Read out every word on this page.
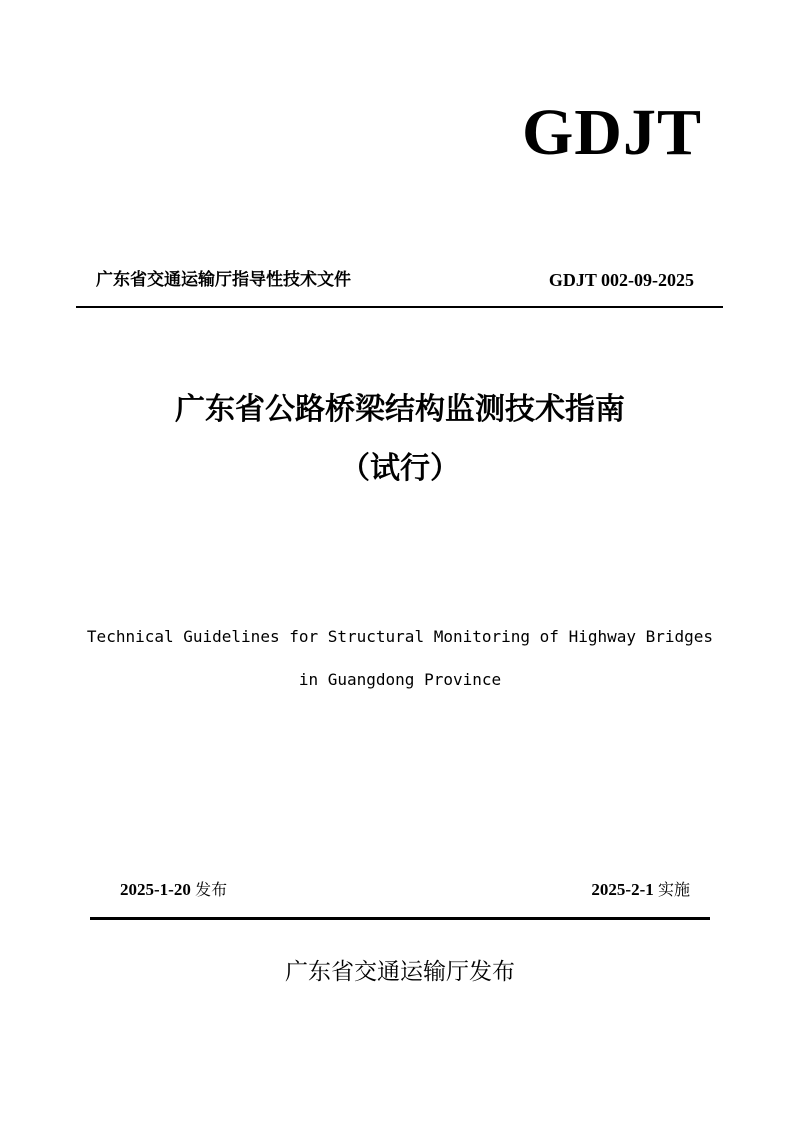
GDJT
广东省交通运输厅指导性技术文件	GDJT 002-09-2025
广东省公路桥梁结构监测技术指南
（试行）
Technical Guidelines for Structural Monitoring of Highway Bridges
in Guangdong Province
2025-1-20 发布	2025-2-1 实施
广东省交通运输厅发布
